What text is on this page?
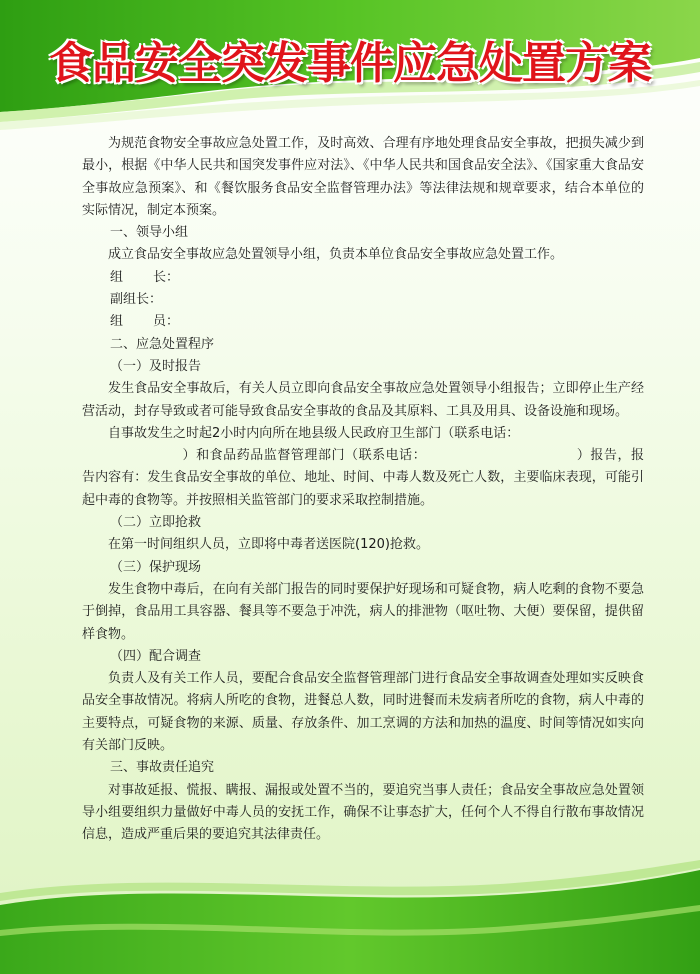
食品安全突发事件应急处置方案

为规范食物安全事故应急处置工作，及时高效、合理有序地处理食品安全事故，把损失减少到最小，根据《中华人民共和国突发事件应对法》、《中华人民共和国食品安全法》、《国家重大食品安全事故应急预案》、和《餐饮服务食品安全监督管理办法》等法律法规和规章要求，结合本单位的实际情况，制定本预案。

一、领导小组

成立食品安全事故应急处置领导小组，负责本单位食品安全事故应急处置工作。

组 长：

副组长：

组 员：

二、应急处置程序

（一）及时报告

发生食品安全事故后，有关人员立即向食品安全事故应急处置领导小组报告；立即停止生产经营活动，封存导致或者可能导致食品安全事故的食品及其原料、工具及用具、设备设施和现场。

自事故发生之时起2小时内向所在地县级人民政府卫生部门（联系电话：
）和食品药品监督管理部门（联系电话：	）报告，报告内容有：发生食品安全事故的单位、地址、时间、中毒人数及死亡人数，主要临床表现，可能引起中毒的食物等。并按照相关监管部门的要求采取控制措施。

（二）立即抢救

在第一时间组织人员，立即将中毒者送医院(120)抢救。

（三）保护现场

发生食物中毒后，在向有关部门报告的同时要保护好现场和可疑食物，病人吃剩的食物不要急于倒掉，食品用工具容器、餐具等不要急于冲洗，病人的排泄物（呕吐物、大便）要保留，提供留样食物。

（四）配合调查

负责人及有关工作人员，要配合食品安全监督管理部门进行食品安全事故调查处理如实反映食品安全事故情况。将病人所吃的食物，进餐总人数，同时进餐而未发病者所吃的食物，病人中毒的主要特点，可疑食物的来源、质量、存放条件、加工烹调的方法和加热的温度、时间等情况如实向有关部门反映。

三、事故责任追究

对事故延报、慌报、瞒报、漏报或处置不当的，要追究当事人责任；食品安全事故应急处置领导小组要组织力量做好中毒人员的安抚工作，确保不让事态扩大，任何个人不得自行散布事故情况信息，造成严重后果的要追究其法律责任。
